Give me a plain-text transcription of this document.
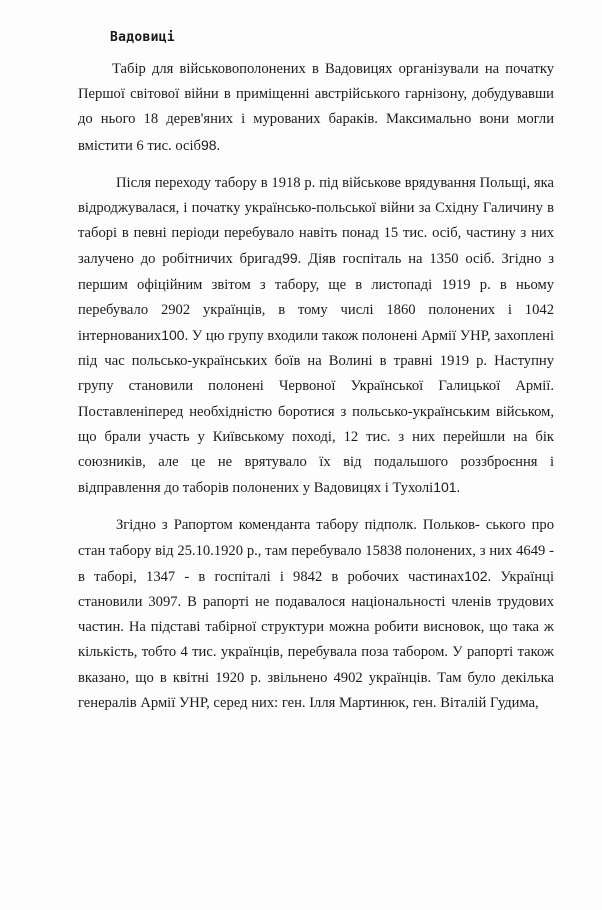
Вадовиці

Табір для військовополонених в Вадовицях організували на початку Першої світової війни в приміщенні австрійського гарнізону, добудувавши до нього 18 дерев'яних і мурованих бараків. Максимально вони могли вмістити 6 тис. осіб98.

Після переходу табору в 1918 р. під військове врядування Польщі, яка відроджувалася, і початку українсько-польської війни за Східну Галичину в таборі в певні періоди перебувало навіть понад 15 тис. осіб, частину з них залучено до робітничих бригад99. Діяв госпіталь на 1350 осіб. Згідно з першим офіційним звітом з табору, ще в листопаді 1919 р. в ньому перебувало 2902 українців, в тому числі 1860 полонених і 1042 інтернованих100. У цю групу входили також полонені Армії УНР, захоплені під час польсько-українських боїв на Волині в травні 1919 р. Наступну групу становили полонені Червоної Української Галицької Армії. Поставленіперед необхідністю боротися з польсько-українським військом, що брали участь у Київському поході, 12 тис. з них перейшли на бік союзників, але це не врятувало їх від подальшого роззброєння і відправлення до таборів полонених у Вадовицях і Тухолі101.

Згідно з Рапортом коменданта табору підполк. Польков- ського про стан табору від 25.10.1920 р., там перебувало 15838 полонених, з них 4649 - в таборі, 1347 - в госпіталі і 9842 в робочих частинах102. Українці становили 3097. В рапорті не подавалося національності членів трудових частин. На підставі табірної структури можна робити висновок, що така ж кількість, тобто 4 тис. українців, перебувала поза табором. У рапорті також вказано, що в квітні 1920 р. звільнено 4902 українців. Там було декілька генералів Армії УНР, серед них: ген. Ілля Мартинюк, ген. Віталій Гудима,
